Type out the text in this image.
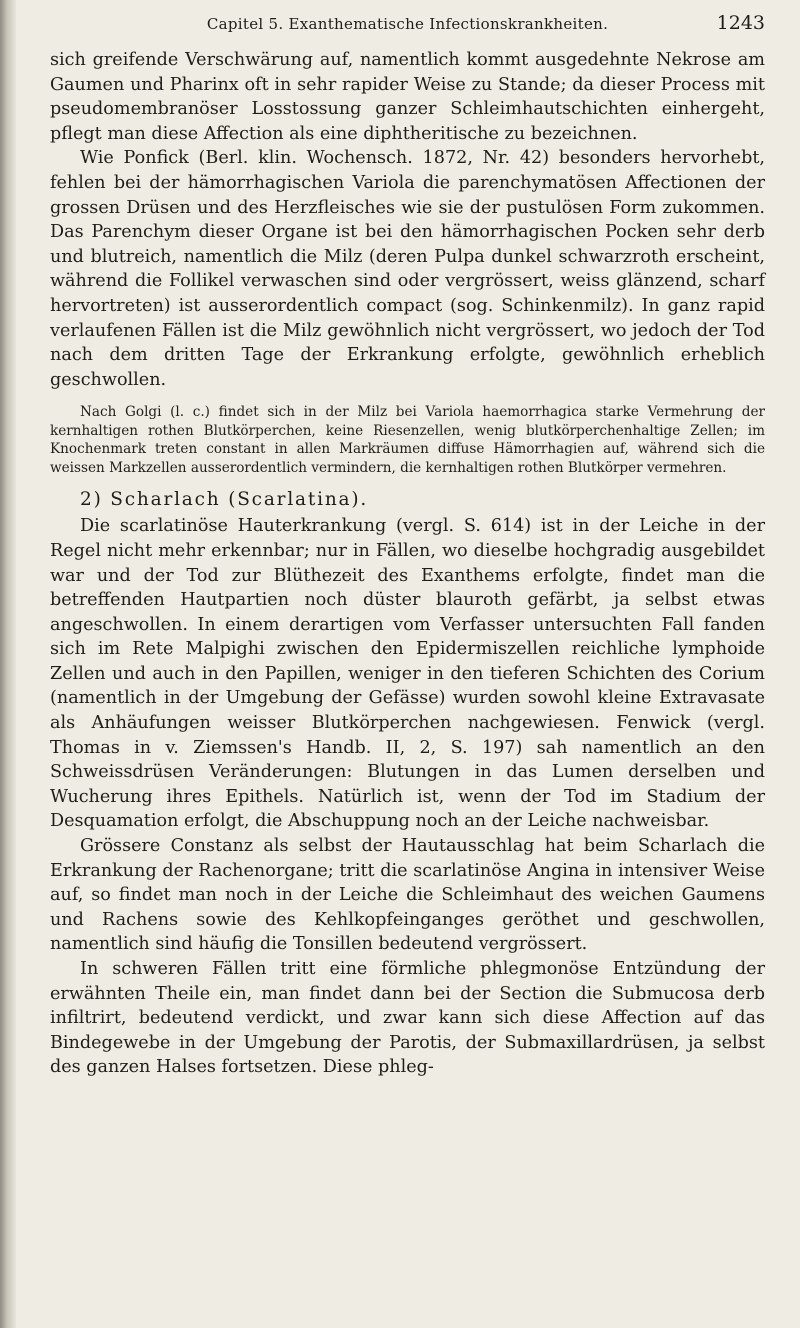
Capitel 5. Exanthematische Infectionskrankheiten.	1243

sich greifende Verschwärung auf, namentlich kommt ausgedehnte Nekrose am Gaumen und Pharinx oft in sehr rapider Weise zu Stande; da dieser Process mit pseudomembranöser Losstossung ganzer Schleimhautschichten einhergeht, pflegt man diese Affection als eine diphtheritische zu bezeichnen.

Wie Ponfick (Berl. klin. Wochensch. 1872, Nr. 42) besonders hervorhebt, fehlen bei der hämorrhagischen Variola die parenchymatösen Affectionen der grossen Drüsen und des Herzfleisches wie sie der pustulösen Form zukommen. Das Parenchym dieser Organe ist bei den hämorrhagischen Pocken sehr derb und blutreich, namentlich die Milz (deren Pulpa dunkel schwarzroth erscheint, während die Follikel verwaschen sind oder vergrössert, weiss glänzend, scharf hervortreten) ist ausserordentlich compact (sog. Schinkenmilz). In ganz rapid verlaufenen Fällen ist die Milz gewöhnlich nicht vergrössert, wo jedoch der Tod nach dem dritten Tage der Erkrankung erfolgte, gewöhnlich erheblich geschwollen.

Nach Golgi (l. c.) findet sich in der Milz bei Variola haemorrhagica starke Vermehrung der kernhaltigen rothen Blutkörperchen, keine Riesenzellen, wenig blutkörperchenhaltige Zellen; im Knochenmark treten constant in allen Markräumen diffuse Hämorrhagien auf, während sich die weissen Markzellen ausserordentlich vermindern, die kernhaltigen rothen Blutkörper vermehren.

2) Scharlach (Scarlatina).

Die scarlatinöse Hauterkrankung (vergl. S. 614) ist in der Leiche in der Regel nicht mehr erkennbar; nur in Fällen, wo dieselbe hochgradig ausgebildet war und der Tod zur Blüthezeit des Exanthems erfolgte, findet man die betreffenden Hautpartien noch düster blauroth gefärbt, ja selbst etwas angeschwollen. In einem derartigen vom Verfasser untersuchten Fall fanden sich im Rete Malpighi zwischen den Epidermiszellen reichliche lymphoide Zellen und auch in den Papillen, weniger in den tieferen Schichten des Corium (namentlich in der Umgebung der Gefässe) wurden sowohl kleine Extravasate als Anhäufungen weisser Blutkörperchen nachgewiesen. Fenwick (vergl. Thomas in v. Ziemssen's Handb. II, 2, S. 197) sah namentlich an den Schweissdrüsen Veränderungen: Blutungen in das Lumen derselben und Wucherung ihres Epithels. Natürlich ist, wenn der Tod im Stadium der Desquamation erfolgt, die Abschuppung noch an der Leiche nachweisbar.

Grössere Constanz als selbst der Hautausschlag hat beim Scharlach die Erkrankung der Rachenorgane; tritt die scarlatinöse Angina in intensiver Weise auf, so findet man noch in der Leiche die Schleimhaut des weichen Gaumens und Rachens sowie des Kehlkopfeinganges geröthet und geschwollen, namentlich sind häufig die Tonsillen bedeutend vergrössert.

In schweren Fällen tritt eine förmliche phlegmonöse Entzündung der erwähnten Theile ein, man findet dann bei der Section die Submucosa derb infiltrirt, bedeutend verdickt, und zwar kann sich diese Affection auf das Bindegewebe in der Umgebung der Parotis, der Submaxillardrüsen, ja selbst des ganzen Halses fortsetzen. Diese phleg-
